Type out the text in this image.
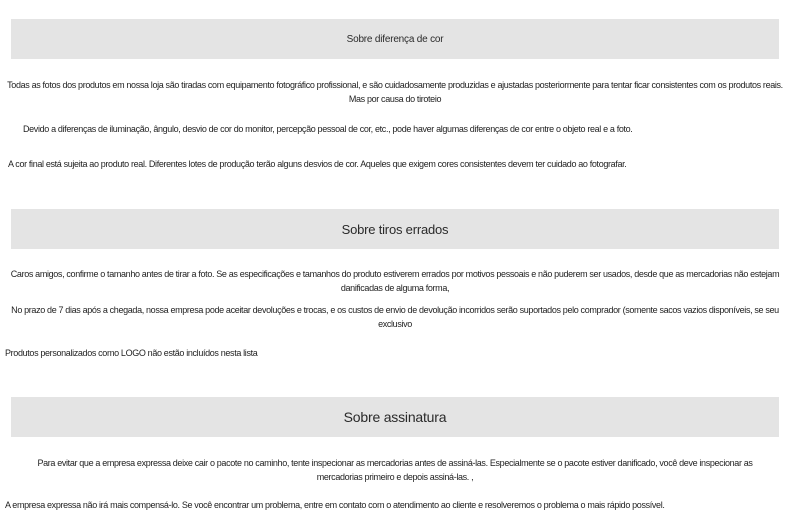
Sobre diferença de cor

Todas as fotos dos produtos em nossa loja são tiradas com equipamento fotográfico profissional, e são cuidadosamente produzidas e ajustadas posteriormente para tentar ficar consistentes com os produtos reais. Mas por causa do tiroteio

Devido a diferenças de iluminação, ângulo, desvio de cor do monitor, percepção pessoal de cor, etc., pode haver algumas diferenças de cor entre o objeto real e a foto.

A cor final está sujeita ao produto real. Diferentes lotes de produção terão alguns desvios de cor. Aqueles que exigem cores consistentes devem ter cuidado ao fotografar.

Sobre tiros errados

Caros amigos, confirme o tamanho antes de tirar a foto. Se as especificações e tamanhos do produto estiverem errados por motivos pessoais e não puderem ser usados, desde que as mercadorias não estejam danificadas de alguma forma,

No prazo de 7 dias após a chegada, nossa empresa pode aceitar devoluções e trocas, e os custos de envio de devolução incorridos serão suportados pelo comprador (somente sacos vazios disponíveis, se seu exclusivo

Produtos personalizados como LOGO não estão incluídos nesta lista

Sobre assinatura

Para evitar que a empresa expressa deixe cair o pacote no caminho, tente inspecionar as mercadorias antes de assiná-las. Especialmente se o pacote estiver danificado, você deve inspecionar as mercadorias primeiro e depois assiná-las. ,

A empresa expressa não irá mais compensá-lo. Se você encontrar um problema, entre em contato com o atendimento ao cliente e resolveremos o problema o mais rápido possível.
